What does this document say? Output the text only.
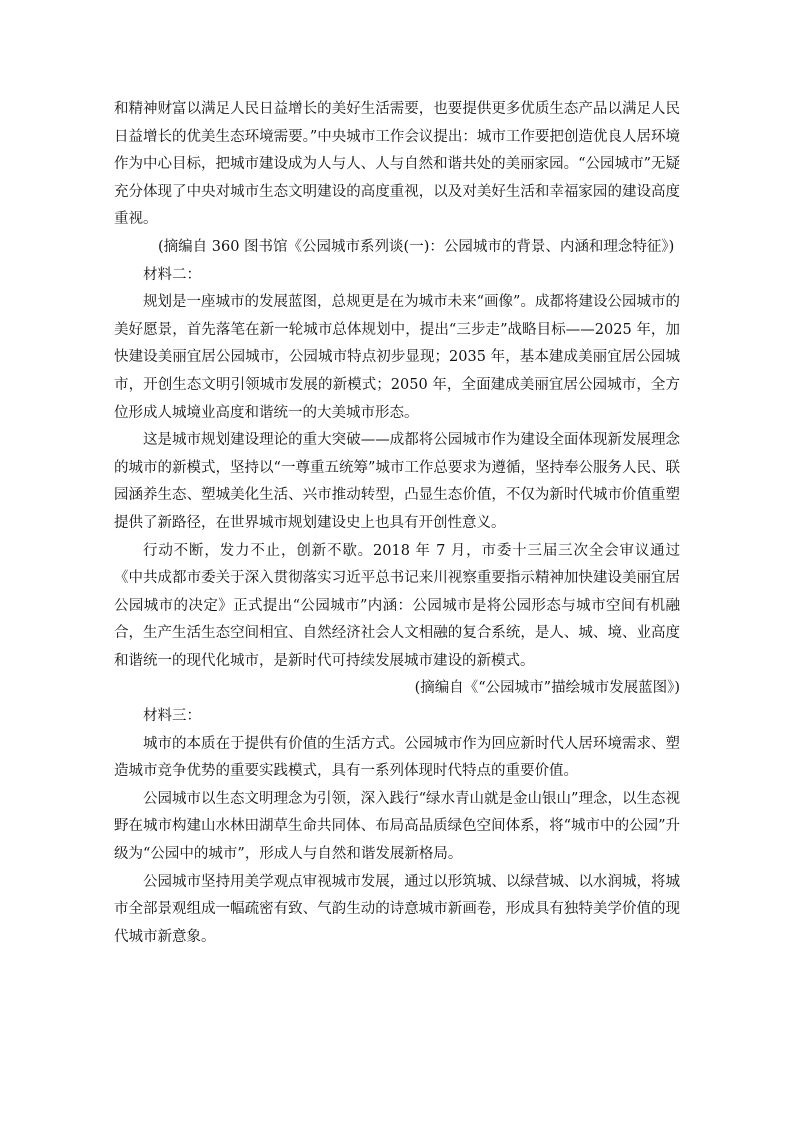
和精神财富以满足人民日益增长的美好生活需要，也要提供更多优质生态产品以满足人民日益增长的优美生态环境需要。”中央城市工作会议提出：城市工作要把创造优良人居环境作为中心目标，把城市建设成为人与人、人与自然和谐共处的美丽家园。“公园城市”无疑充分体现了中央对城市生态文明建设的高度重视，以及对美好生活和幸福家园的建设高度重视。

(摘编自 360 图书馆《公园城市系列谈(一)：公园城市的背景、内涵和理念特征》)

材料二：

规划是一座城市的发展蓝图，总规更是在为城市未来“画像”。成都将建设公园城市的美好愿景，首先落笔在新一轮城市总体规划中，提出“三步走”战略目标——2025 年，加快建设美丽宜居公园城市，公园城市特点初步显现；2035 年，基本建成美丽宜居公园城市，开创生态文明引领城市发展的新模式；2050 年，全面建成美丽宜居公园城市，全方位形成人城境业高度和谐统一的大美城市形态。

这是城市规划建设理论的重大突破——成都将公园城市作为建设全面体现新发展理念的城市的新模式，坚持以“一尊重五统筹”城市工作总要求为遵循，坚持奉公服务人民、联园涵养生态、塑城美化生活、兴市推动转型，凸显生态价值，不仅为新时代城市价值重塑提供了新路径，在世界城市规划建设史上也具有开创性意义。

行动不断，发力不止，创新不歇。2018 年 7 月，市委十三届三次全会审议通过《中共成都市委关于深入贯彻落实习近平总书记来川视察重要指示精神加快建设美丽宜居公园城市的决定》正式提出“公园城市”内涵：公园城市是将公园形态与城市空间有机融合，生产生活生态空间相宜、自然经济社会人文相融的复合系统，是人、城、境、业高度和谐统一的现代化城市，是新时代可持续发展城市建设的新模式。

(摘编自《“公园城市”描绘城市发展蓝图》)

材料三：

城市的本质在于提供有价值的生活方式。公园城市作为回应新时代人居环境需求、塑造城市竞争优势的重要实践模式，具有一系列体现时代特点的重要价值。

公园城市以生态文明理念为引领，深入践行“绿水青山就是金山银山”理念，以生态视野在城市构建山水林田湖草生命共同体、布局高品质绿色空间体系，将“城市中的公园”升级为“公园中的城市”，形成人与自然和谐发展新格局。

公园城市坚持用美学观点审视城市发展，通过以形筑城、以绿营城、以水润城，将城市全部景观组成一幅疏密有致、气韵生动的诗意城市新画卷，形成具有独特美学价值的现代城市新意象。
